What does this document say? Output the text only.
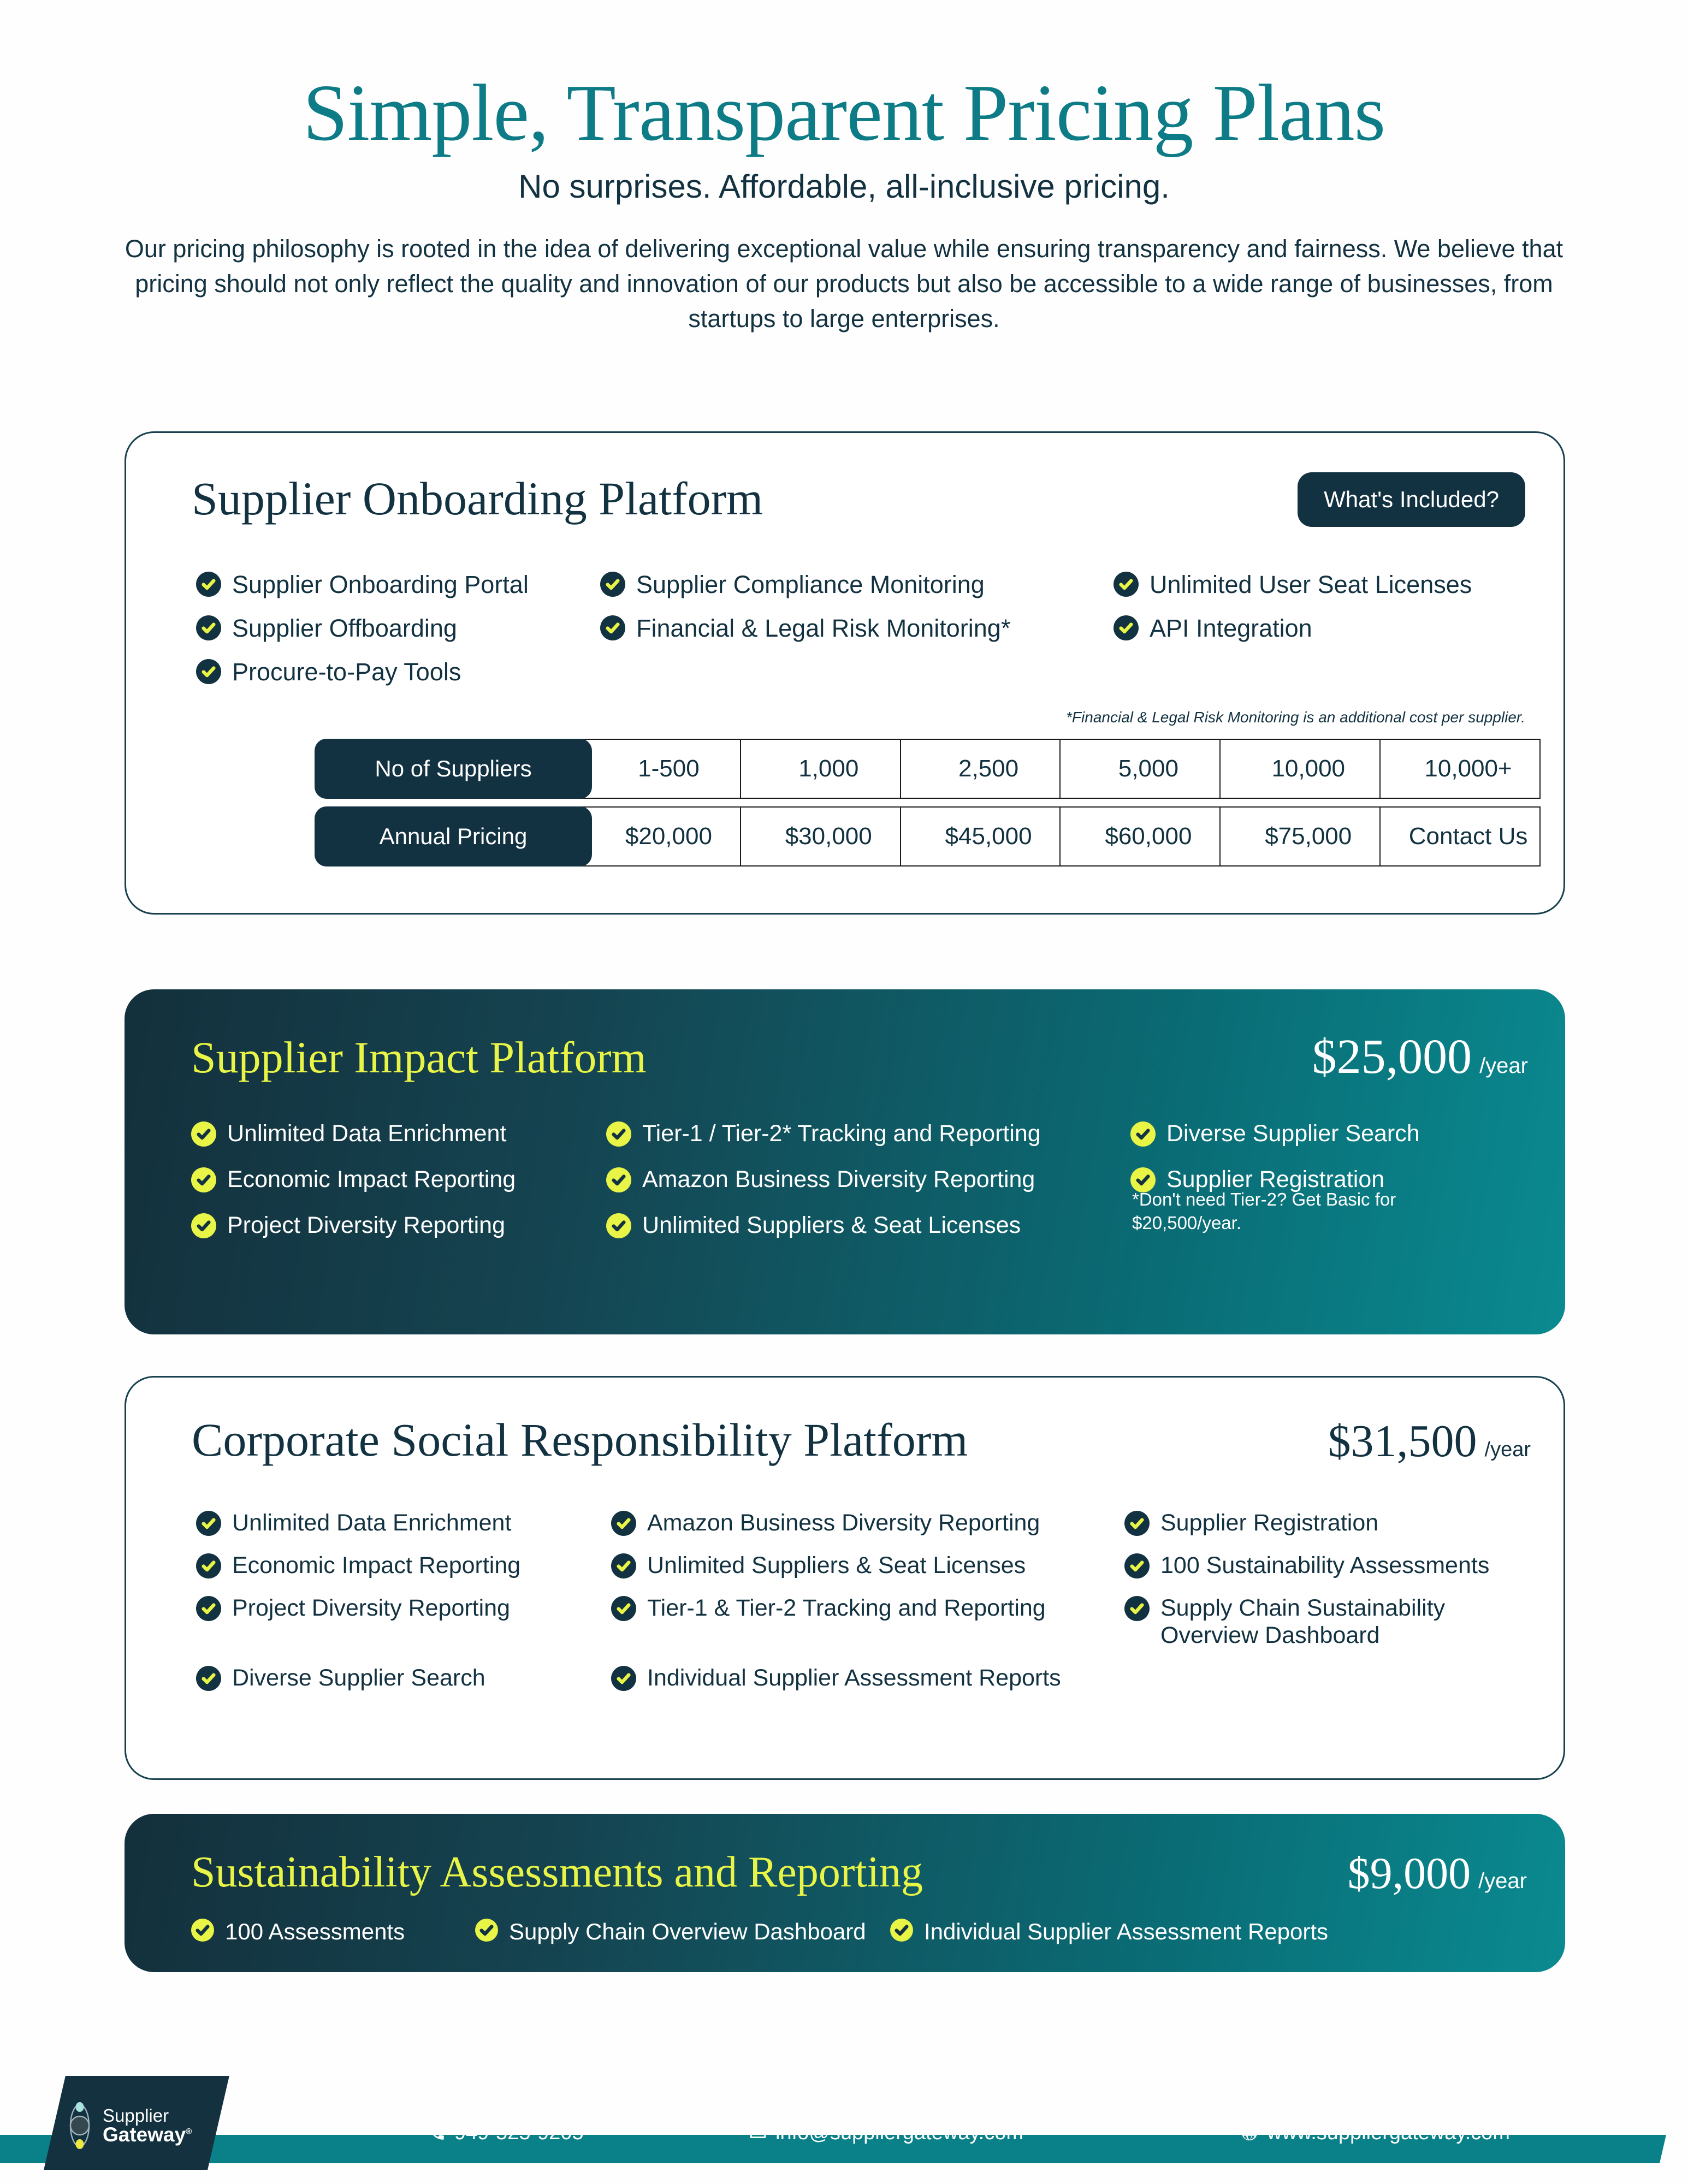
Simple, Transparent Pricing Plans
No surprises. Affordable, all-inclusive pricing.

Our pricing philosophy is rooted in the idea of delivering exceptional value while ensuring transparency and fairness. We believe that pricing should not only reflect the quality and innovation of our products but also be accessible to a wide range of businesses, from startups to large enterprises.

Supplier Onboarding Platform	What's Included?
Supplier Onboarding Portal	Supplier Compliance Monitoring	Unlimited User Seat Licenses
Supplier Offboarding	Financial & Legal Risk Monitoring*	API Integration
Procure-to-Pay Tools
*Financial & Legal Risk Monitoring is an additional cost per supplier.
No of Suppliers	1-500	1,000	2,500	5,000	10,000	10,000+
Annual Pricing	$20,000	$30,000	$45,000	$60,000	$75,000	Contact Us
Supplier Impact Platform	$25,000 /year
Unlimited Data Enrichment	Tier-1 / Tier-2* Tracking and Reporting	Diverse Supplier Search
Economic Impact Reporting	Amazon Business Diversity Reporting	Supplier Registration
Project Diversity Reporting	Unlimited Suppliers & Seat Licenses
*Don't need Tier-2? Get Basic for $20,500/year.
Corporate Social Responsibility Platform	$31,500 /year
Unlimited Data Enrichment	Amazon Business Diversity Reporting	Supplier Registration
Economic Impact Reporting	Unlimited Suppliers & Seat Licenses	100 Sustainability Assessments
Project Diversity Reporting	Tier-1 & Tier-2 Tracking and Reporting	Supply Chain Sustainability Overview Dashboard
Diverse Supplier Search	Individual Supplier Assessment Reports
Sustainability Assessments and Reporting	$9,000 /year
100 Assessments	Supply Chain Overview Dashboard	Individual Supplier Assessment Reports
Supplier
Gateway®	949-525-9205	info@suppliergateway.com	www.suppliergateway.com
